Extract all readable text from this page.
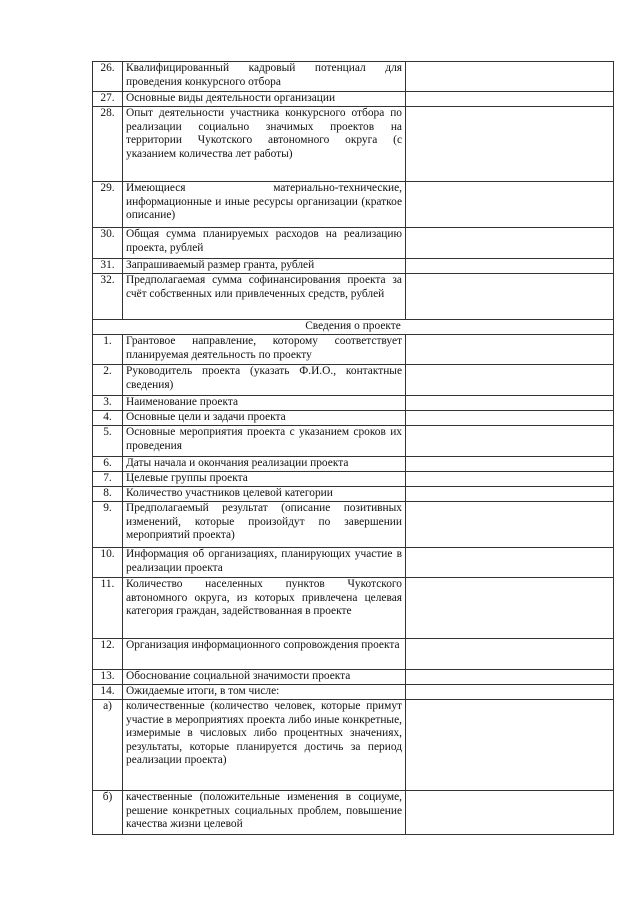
26.	Квалифицированный кадровый потенциал для проведения конкурсного отбора	
27.	Основные виды деятельности организации	
28.	Опыт деятельности участника конкурсного отбора по реализации социально значимых проектов на территории Чукотского автономного округа (с указанием количества лет работы)	
29.	Имеющиеся материально-технические, информационные и иные ресурсы организации (краткое описание)	
30.	Общая сумма планируемых расходов на реализацию проекта, рублей	
31.	Запрашиваемый размер гранта, рублей	
32.	Предполагаемая сумма софинансирования проекта за счёт собственных или привлеченных средств, рублей	
Сведения о проекте		
1.	Грантовое направление, которому соответствует планируемая деятельность по проекту	
2.	Руководитель проекта (указать Ф.И.О., контактные сведения)	
3.	Наименование проекта	
4.	Основные цели и задачи проекта	
5.	Основные мероприятия проекта с указанием сроков их проведения	
6.	Даты начала и окончания реализации проекта	
7.	Целевые группы проекта	
8.	Количество участников целевой категории	
9.	Предполагаемый результат (описание позитивных изменений, которые произойдут по завершении мероприятий проекта)	
10.	Информация об организациях, планирующих участие в реализации проекта	
11.	Количество населенных пунктов Чукотского автономного округа, из которых привлечена целевая категория граждан, задействованная в проекте	
12.	Организация информационного сопровождения проекта	
13.	Обоснование социальной значимости проекта	
14.	Ожидаемые итоги, в том числе:	
а)	количественные (количество человек, которые примут участие в мероприятиях проекта либо иные конкретные, измеримые в числовых либо процентных значениях, результаты, которые планируется достичь за период реализации проекта)	
б)	качественные (положительные изменения в социуме, решение конкретных социальных проблем, повышение качества жизни целевой	
